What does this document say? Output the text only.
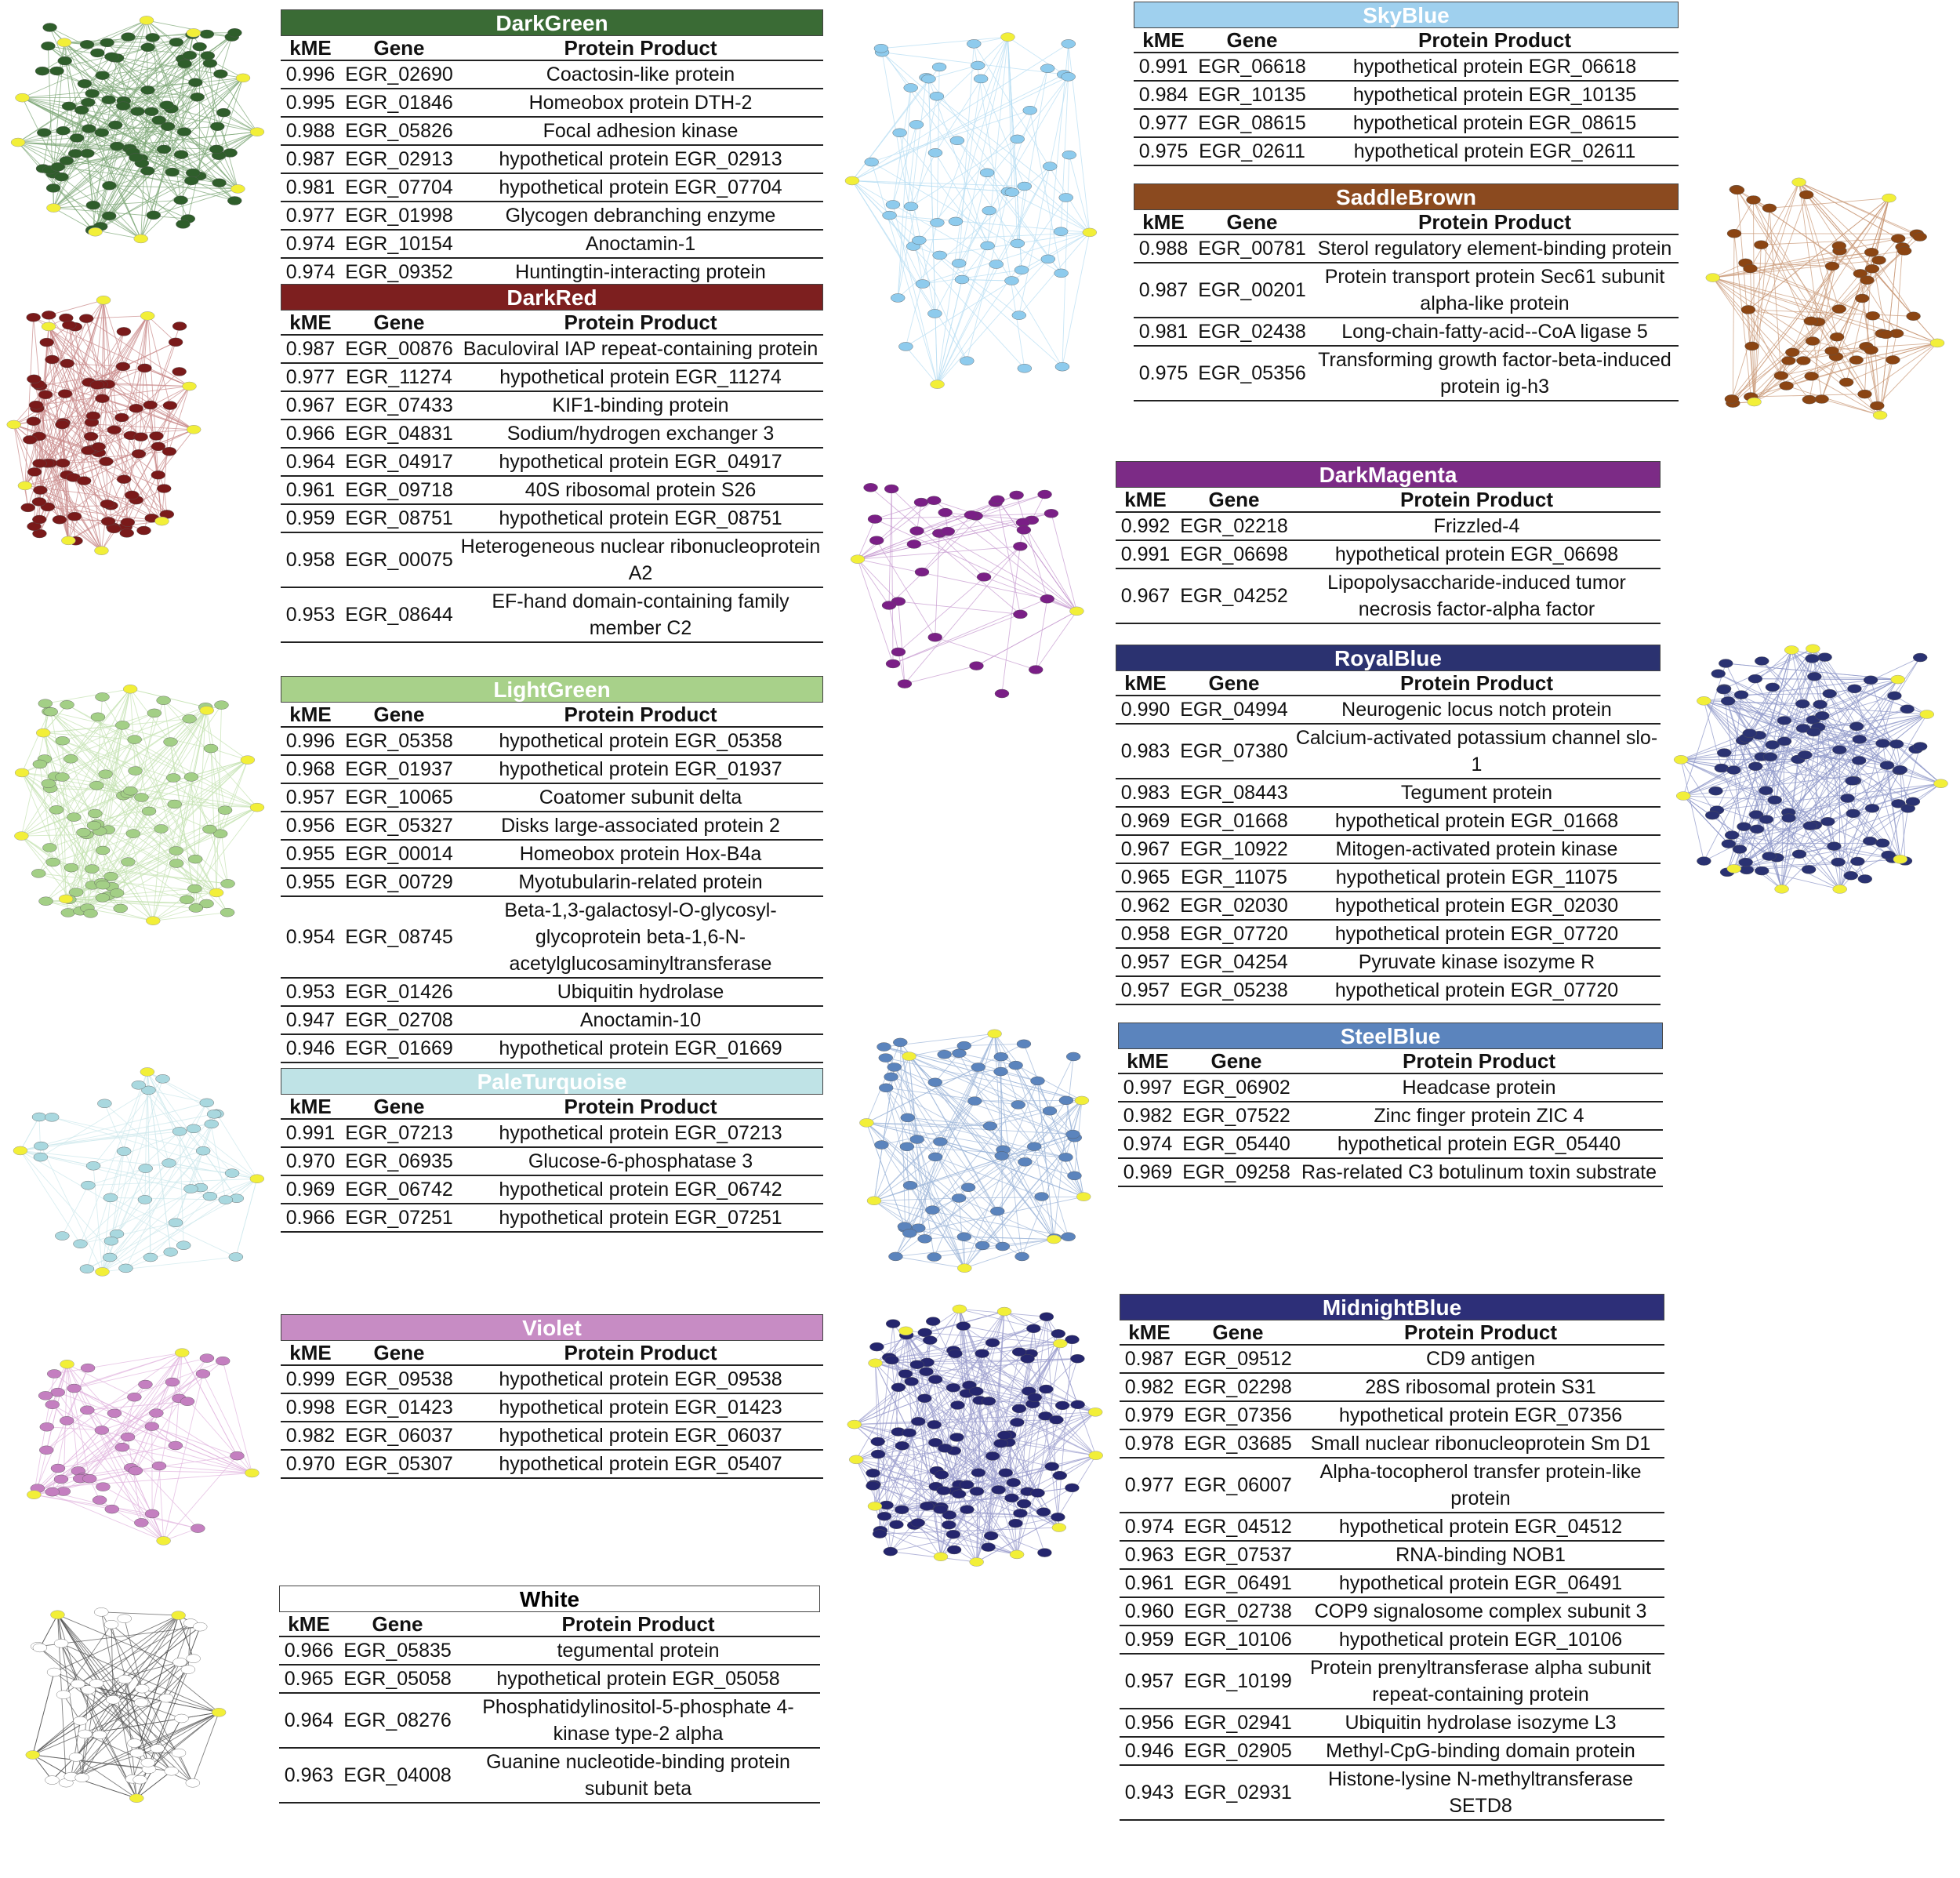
DarkGreen
kME	Gene	Protein Product
0.996 EGR_02690	Coactosin-like protein
0.995 EGR_01846	Homeobox protein DTH-2
0.988 EGR_05826	Focal adhesion kinase
0.987 EGR_02913	hypothetical protein EGR_02913
0.981 EGR_07704	hypothetical protein EGR_07704
0.977 EGR_01998	Glycogen debranching enzyme
0.974 EGR_10154	Anoctamin-1
0.974 EGR_09352	Huntingtin-interacting protein
DarkRed
kME	Gene	Protein Product
0.987 EGR_00876 Baculoviral IAP repeat-containing protein
0.977 EGR_11274	hypothetical protein EGR_11274
0.967 EGR_07433	KIF1-binding protein
0.966 EGR_04831	Sodium/hydrogen exchanger 3
0.964 EGR_04917	hypothetical protein EGR_04917
0.961 EGR_09718	40S ribosomal protein S26
0.959 EGR_08751	hypothetical protein EGR_08751
0.958 EGR_00075
Heterogeneous nuclear ribonucleoprotein A2
0.953 EGR_08644
EF-hand domain-containing family member C2
LightGreen
kME	Gene	Protein Product
0.996 EGR_05358	hypothetical protein EGR_05358
0.968 EGR_01937	hypothetical protein EGR_01937
0.957 EGR_10065	Coatomer subunit delta
0.956 EGR_05327	Disks large-associated protein 2
0.955 EGR_00014	Homeobox protein Hox-B4a
0.955 EGR_00729	Myotubularin-related protein
0.954 EGR_08745
Beta-1,3-galactosyl-O-glycosyl-glycoprotein beta-1,6-N-acetylglucosaminyltransferase
0.953 EGR_01426	Ubiquitin hydrolase
0.947 EGR_02708	Anoctamin-10
0.946 EGR_01669	hypothetical protein EGR_01669
PaleTurquoise
kME	Gene	Protein Product
0.991 EGR_07213	hypothetical protein EGR_07213
0.970 EGR_06935	Glucose-6-phosphatase 3
0.969 EGR_06742	hypothetical protein EGR_06742
0.966 EGR_07251	hypothetical protein EGR_07251
Violet
kME	Gene	Protein Product
0.999 EGR_09538	hypothetical protein EGR_09538
0.998 EGR_01423	hypothetical protein EGR_01423
0.982 EGR_06037	hypothetical protein EGR_06037
0.970 EGR_05307	hypothetical protein EGR_05407
White
kME	Gene	Protein Product
0.966 EGR_05835	tegumental protein
0.965 EGR_05058	hypothetical protein EGR_05058
0.964 EGR_08276
Phosphatidylinositol-5-phosphate 4-kinase type-2 alpha
0.963 EGR_04008
Guanine nucleotide-binding protein subunit beta
SkyBlue
kME	Gene	Protein Product
0.991 EGR_06618	hypothetical protein EGR_06618
0.984 EGR_10135	hypothetical protein EGR_10135
0.977 EGR_08615	hypothetical protein EGR_08615
0.975 EGR_02611	hypothetical protein EGR_02611
SaddleBrown
kME	Gene	Protein Product
0.988 EGR_00781 Sterol regulatory element-binding protein
0.987 EGR_00201
Protein transport protein Sec61 subunit alpha-like protein
0.981 EGR_02438	Long-chain-fatty-acid--CoA ligase 5
0.975 EGR_05356
Transforming growth factor-beta-induced protein ig-h3
DarkMagenta
kME	Gene	Protein Product
0.992 EGR_02218	Frizzled-4
0.991 EGR_06698	hypothetical protein EGR_06698
0.967 EGR_04252
Lipopolysaccharide-induced tumor necrosis factor-alpha factor
RoyalBlue
kME	Gene	Protein Product
0.990 EGR_04994	Neurogenic locus notch protein
0.983 EGR_07380
Calcium-activated potassium channel slo-1
0.983 EGR_08443	Tegument protein
0.969 EGR_01668	hypothetical protein EGR_01668
0.967 EGR_10922	Mitogen-activated protein kinase
0.965 EGR_11075	hypothetical protein EGR_11075
0.962 EGR_02030	hypothetical protein EGR_02030
0.958 EGR_07720	hypothetical protein EGR_07720
0.957 EGR_04254	Pyruvate kinase isozyme R
0.957 EGR_05238	hypothetical protein EGR_07720
SteelBlue
kME	Gene	Protein Product
0.997 EGR_06902	Headcase protein
0.982 EGR_07522	Zinc finger protein ZIC 4
0.974 EGR_05440	hypothetical protein EGR_05440
0.969 EGR_09258 Ras-related C3 botulinum toxin substrate
MidnightBlue
kME	Gene	Protein Product
0.987 EGR_09512	CD9 antigen
0.982 EGR_02298	28S ribosomal protein S31
0.979 EGR_07356	hypothetical protein EGR_07356
0.978 EGR_03685 Small nuclear ribonucleoprotein Sm D1
0.977 EGR_06007
Alpha-tocopherol transfer protein-like protein
0.974 EGR_04512	hypothetical protein EGR_04512
0.963 EGR_07537	RNA-binding NOB1
0.961 EGR_06491	hypothetical protein EGR_06491
0.960 EGR_02738	COP9 signalosome complex subunit 3
0.959 EGR_10106	hypothetical protein EGR_10106
0.957 EGR_10199
Protein prenyltransferase alpha subunit repeat-containing protein
0.956 EGR_02941	Ubiquitin hydrolase isozyme L3
0.946 EGR_02905	Methyl-CpG-binding domain protein
0.943 EGR_02931
Histone-lysine N-methyltransferase SETD8
